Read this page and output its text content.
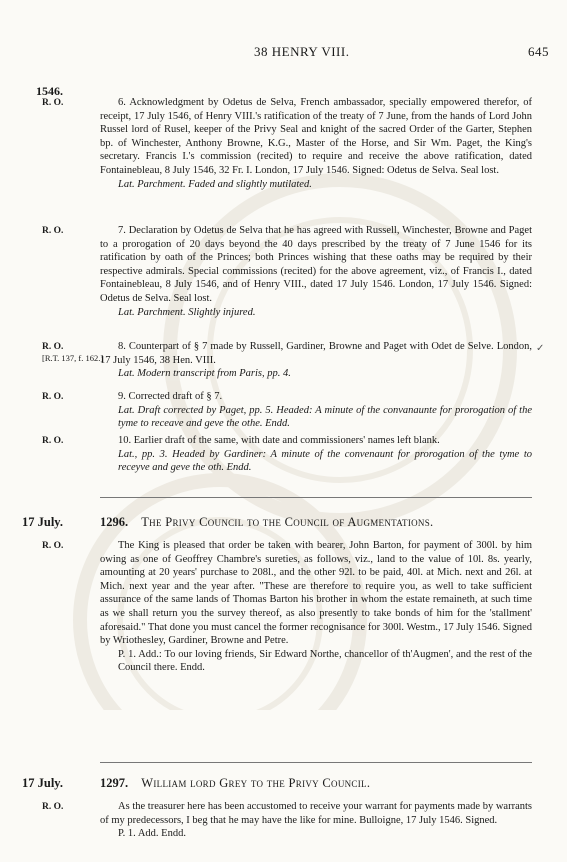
38 HENRY VIII.	645
1546.
R. O.	6. Acknowledgment by Odetus de Selva, French ambassador, specially empowered therefor, of receipt, 17 July 1546, of Henry VIII.'s ratification of the treaty of 7 June, from the hands of Lord John Russel lord of Rusel, keeper of the Privy Seal and knight of the sacred Order of the Garter, Stephen bp. of Winchester, Anthony Browne, K.G., Master of the Horse, and Sir Wm. Paget, the King's secretary. Francis I.'s commission (recited) to require and receive the above ratification, dated Fontainebleau, 8 July 1546, 32 Fr. I. London, 17 July 1546. Signed: Odetus de Selva. Seal lost.
Lat. Parchment. Faded and slightly mutilated.
R. O.	7. Declaration by Odetus de Selva that he has agreed with Russell, Winchester, Browne and Paget to a prorogation of 20 days beyond the 40 days prescribed by the treaty of 7 June 1546 for its ratification by oath of the Princes; both Princes wishing that these oaths may be required by their respective admirals. Special commissions (recited) for the above agreement, viz., of Francis I., dated Fontainebleau, 8 July 1546, and of Henry VIII., dated 17 July 1546. London, 17 July 1546. Signed: Odetus de Selva. Seal lost.
Lat. Parchment. Slightly injured.
R. O.
[R.T. 137, f. 162.]
8. Counterpart of § 7 made by Russell, Gardiner, Browne and Paget with Odet de Selve. London, 17 July 1546, 38 Hen. VIII.
Lat. Modern transcript from Paris, pp. 4.
✓
R. O.	9. Corrected draft of § 7.
Lat. Draft corrected by Paget, pp. 5. Headed: A minute of the convanaunte for prorogation of the tyme to receave and geve the othe. Endd.
R. O.	10. Earlier draft of the same, with date and commissioners' names left blank.
Lat., pp. 3. Headed by Gardiner: A minute of the convenaunt for prorogation of the tyme to receyve and geve the oth. Endd.
17 July.	1296. The Privy Council to the Council of Augmentations.
R. O.	The King is pleased that order be taken with bearer, John Barton, for payment of 300l. by him owing as one of Geoffrey Chambre's sureties, as follows, viz., land to the value of 10l. 8s. yearly, amounting at 20 years' purchase to 208l., and the other 92l. to be paid, 40l. at Mich. next and 26l. at Mich. next year and the year after. "These are therefore to require you, as well to take sufficient assurance of the same lands of Thomas Barton his brother in whom the estate remaineth, at such time as we shall return you the survey thereof, as also presently to take bonds of him for the 'stallment' aforesaid." That done you must cancel the former recognisance for 300l. Westm., 17 July 1546. Signed by Wriothesley, Gardiner, Browne and Petre.
P. 1. Add.: To our loving friends, Sir Edward Northe, chancellor of th'Augmen', and the rest of the Council there. Endd.
17 July.	1297. William lord Grey to the Privy Council.
R. O.	As the treasurer here has been accustomed to receive your warrant for payments made by warrants of my predecessors, I beg that he may have the like for mine. Bulloigne, 17 July 1546. Signed.
P. 1. Add. Endd.
